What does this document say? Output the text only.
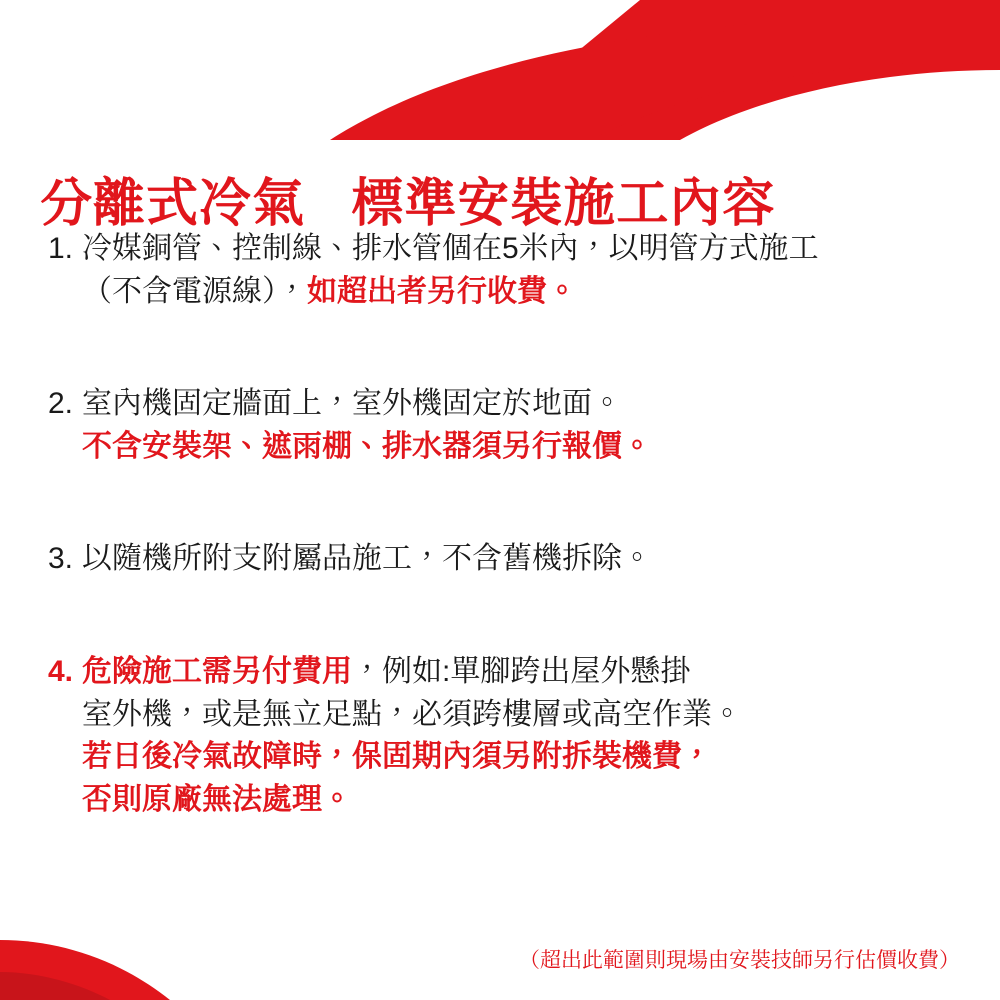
分離式冷氣   標準安裝施工內容
1. 冷媒銅管、控制線、排水管個在5米內，以明管方式施工
（不含電源線），如超出者另行收費。
2. 室內機固定牆面上，室外機固定於地面。
不含安裝架、遮雨棚、排水器須另行報價。
3. 以隨機所附支附屬品施工，不含舊機拆除。
4. 危險施工需另付費用，例如:單腳跨出屋外懸掛
室外機，或是無立足點，必須跨樓層或高空作業。
若日後冷氣故障時，保固期內須另附拆裝機費，
否則原廠無法處理。
（超出此範圍則現場由安裝技師另行估價收費）
